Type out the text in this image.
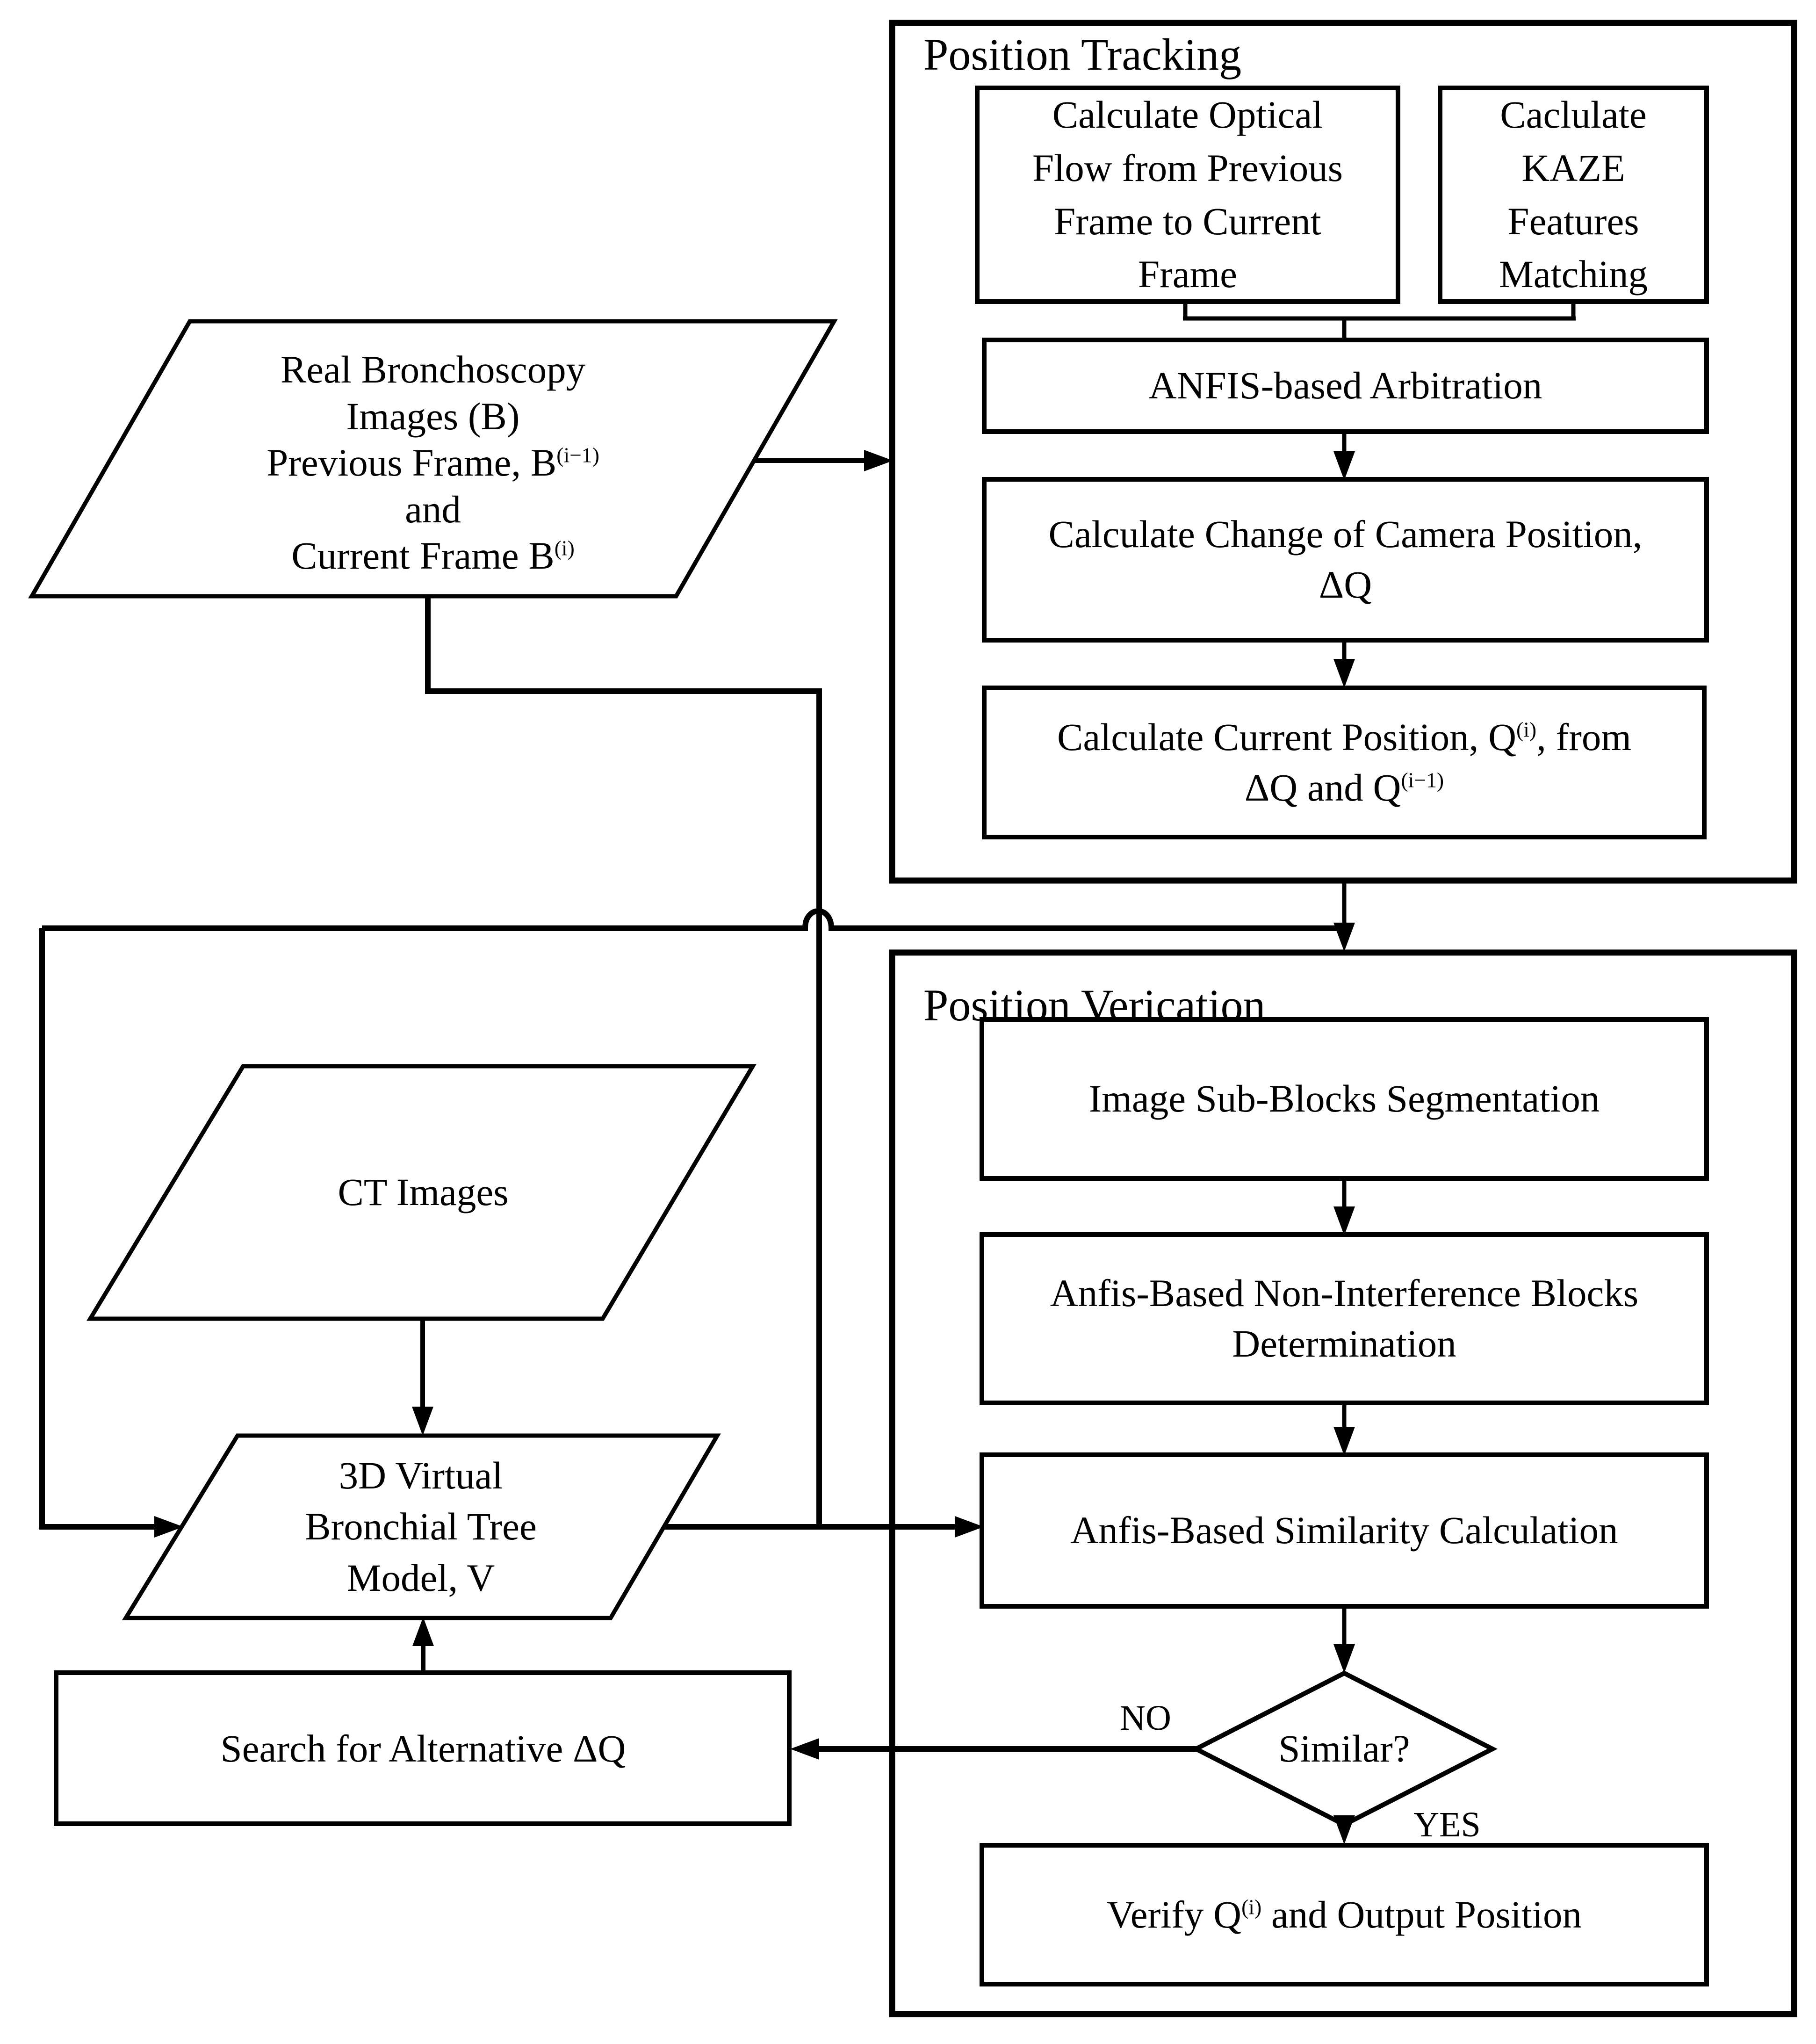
Position Tracking
Position Verication
Calculate Optical
Flow from Previous
Frame to Current
Frame
Caclulate
KAZE
Features
Matching
ANFIS-based Arbitration
Calculate Change of Camera Position,
ΔQ
Calculate Current Position, $Q^{(i)}$, from
ΔQ and $Q^{(i-1)}$
Image Sub-Blocks Segmentation
Anfis-Based Non-Interference Blocks
Determination
Anfis-Based Similarity Calculation
Similar?
NO
YES
Verify $Q^{(i)}$ and Output Position
Real Bronchoscopy
Images (B)
Previous Frame, $B^{(i-1)}$
and
Current Frame $B^{(i)}$
CT Images
3D Virtual
Bronchial Tree
Model, V
Search for Alternative ΔQ
